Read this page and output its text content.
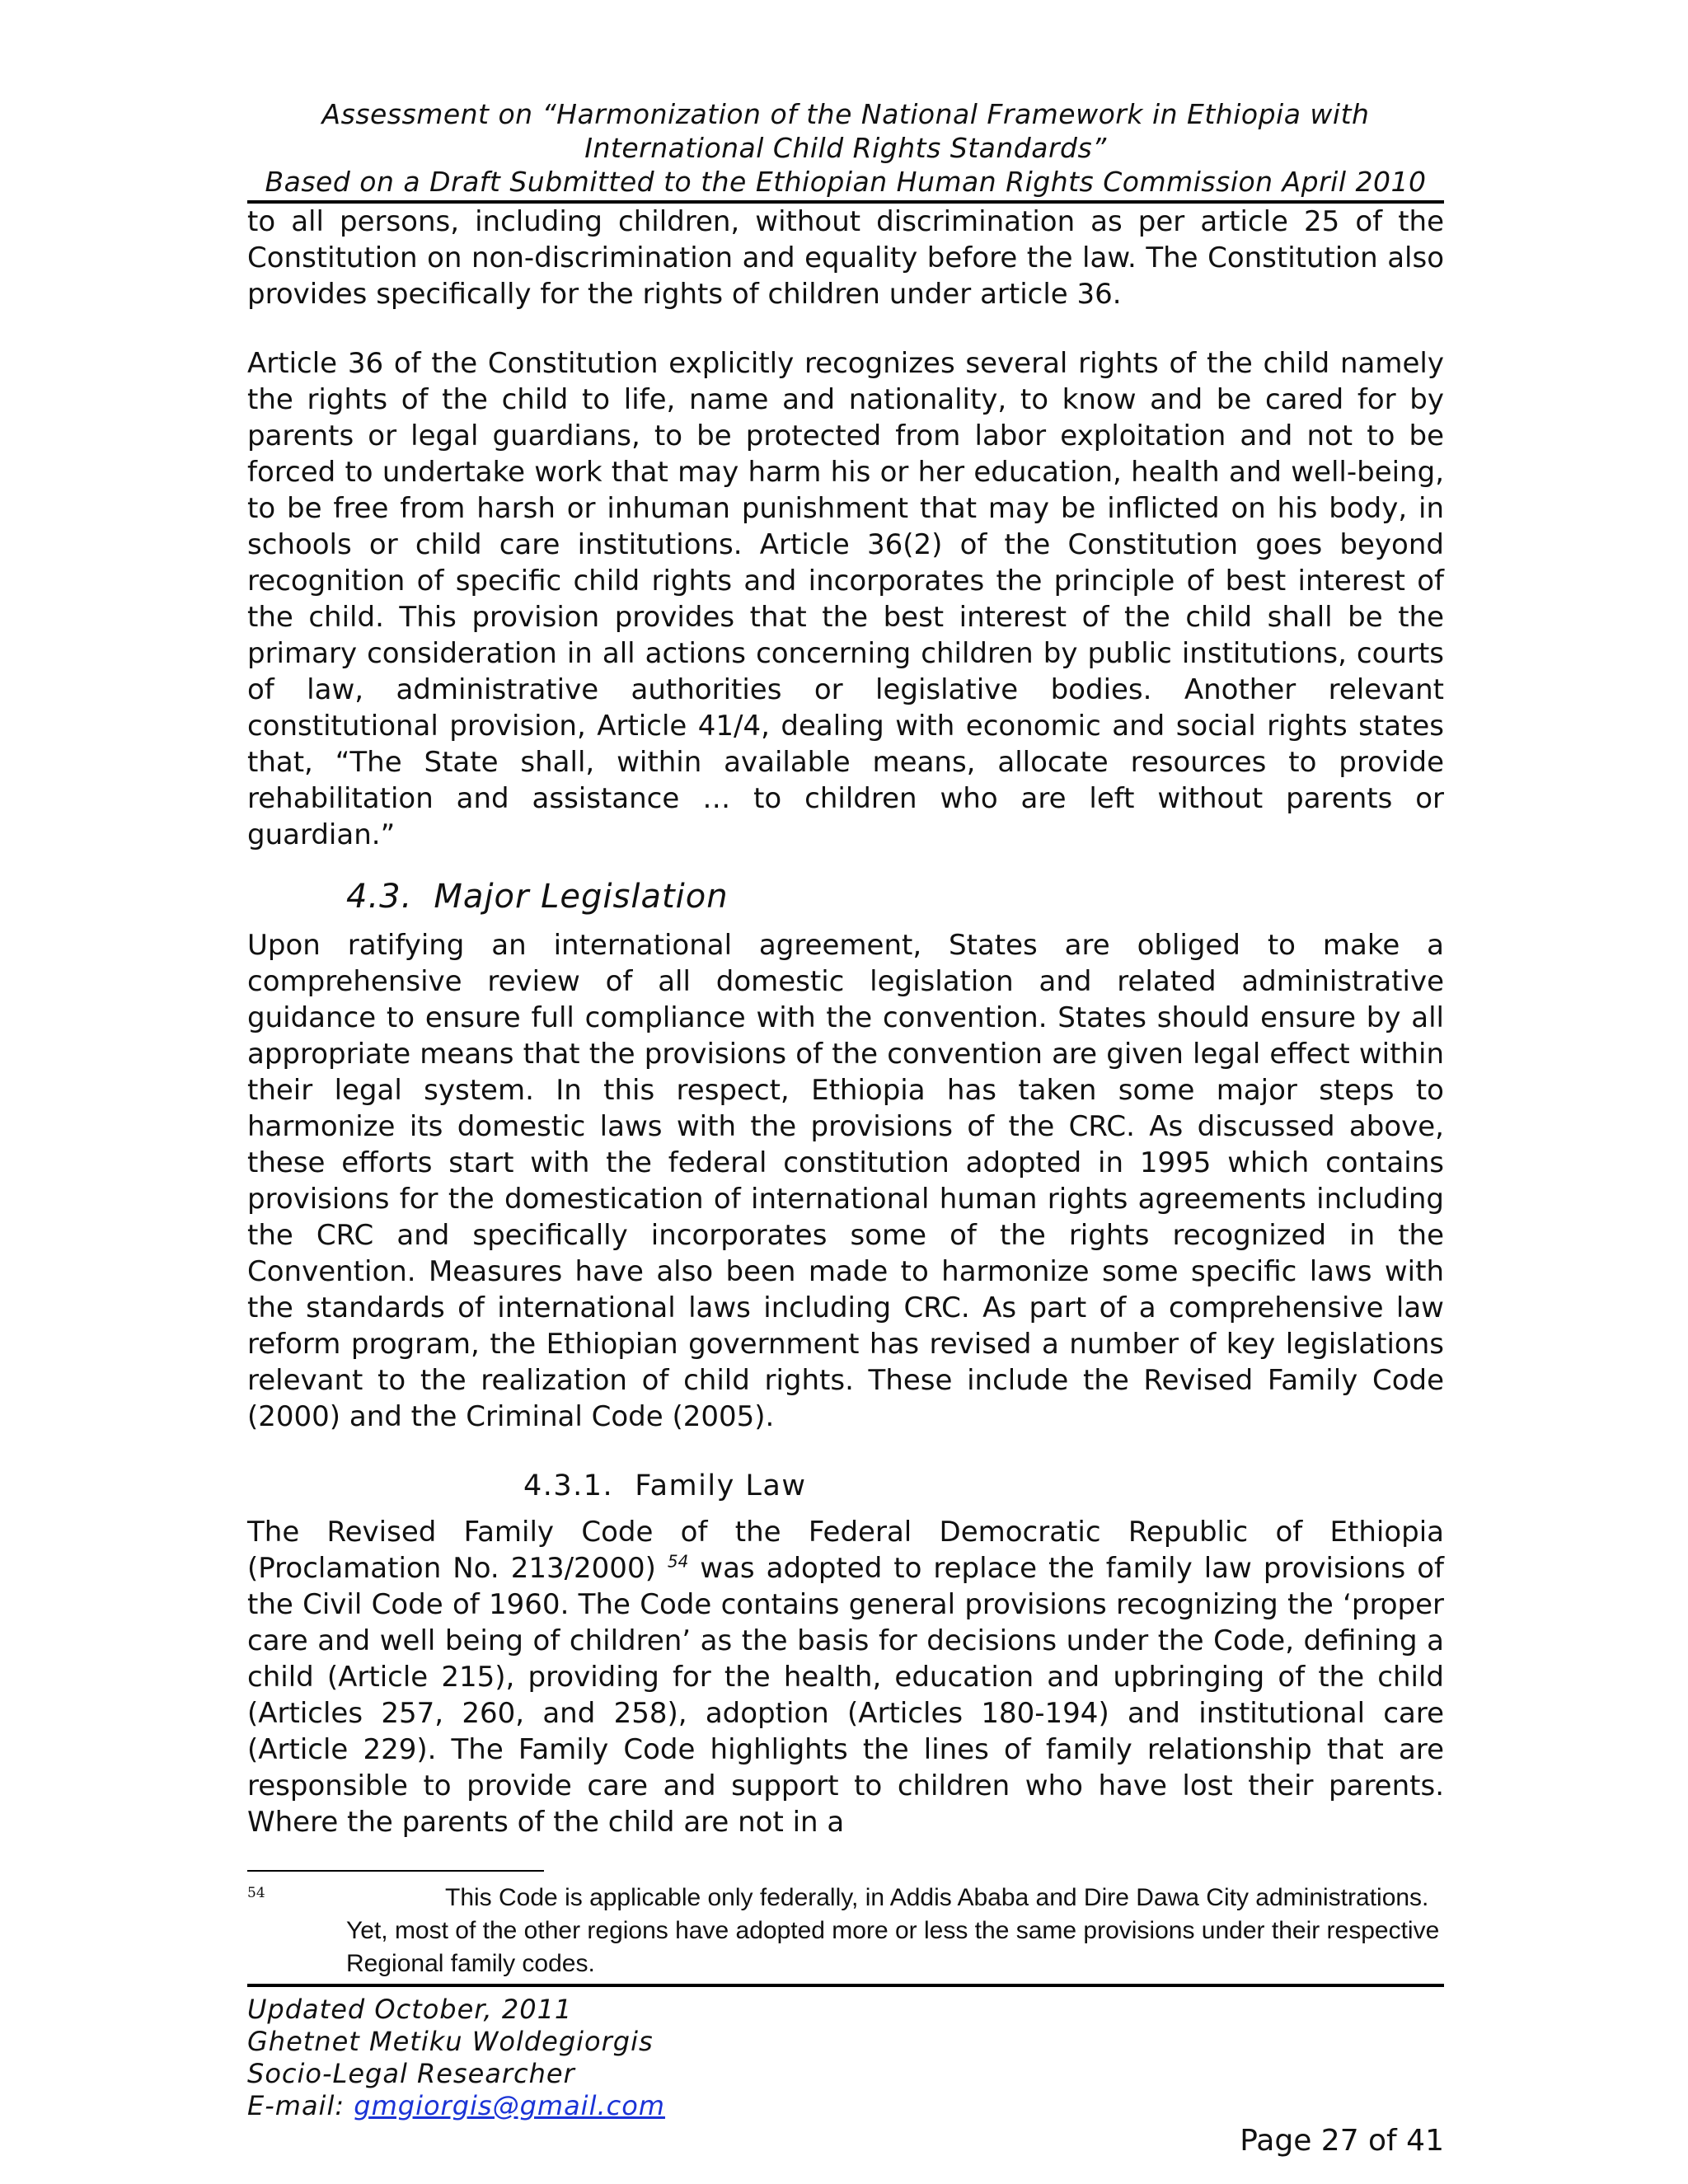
Assessment on “Harmonization of the National Framework in Ethiopia with
International Child Rights Standards”
Based on a Draft Submitted to the Ethiopian Human Rights Commission April 2010

to all persons, including children, without discrimination as per article 25 of the Constitution on non-discrimination and equality before the law. The Constitution also provides specifically for the rights of children under article 36.

Article 36 of the Constitution explicitly recognizes several rights of the child namely the rights of the child to life, name and nationality, to know and be cared for by parents or legal guardians, to be protected from labor exploitation and not to be forced to undertake work that may harm his or her education, health and well-being, to be free from harsh or inhuman punishment that may be inflicted on his body, in schools or child care institutions. Article 36(2) of the Constitution goes beyond recognition of specific child rights and incorporates the principle of best interest of the child. This provision provides that the best interest of the child shall be the primary consideration in all actions concerning children by public institutions, courts of law, administrative authorities or legislative bodies. Another relevant constitutional provision, Article 41/4, dealing with economic and social rights states that, “The State shall, within available means, allocate resources to provide rehabilitation and assistance … to children who are left without parents or guardian.”

4.3. Major Legislation

Upon ratifying an international agreement, States are obliged to make a comprehensive review of all domestic legislation and related administrative guidance to ensure full compliance with the convention. States should ensure by all appropriate means that the provisions of the convention are given legal effect within their legal system. In this respect, Ethiopia has taken some major steps to harmonize its domestic laws with the provisions of the CRC. As discussed above, these efforts start with the federal constitution adopted in 1995 which contains provisions for the domestication of international human rights agreements including the CRC and specifically incorporates some of the rights recognized in the Convention. Measures have also been made to harmonize some specific laws with the standards of international laws including CRC. As part of a comprehensive law reform program, the Ethiopian government has revised a number of key legislations relevant to the realization of child rights. These include the Revised Family Code (2000) and the Criminal Code (2005).

4.3.1. Family Law

The Revised Family Code of the Federal Democratic Republic of Ethiopia (Proclamation No. 213/2000) $^{54}$ was adopted to replace the family law provisions of the Civil Code of 1960. The Code contains general provisions recognizing the ‘proper care and well being of children’ as the basis for decisions under the Code, defining a child (Article 215), providing for the health, education and upbringing of the child (Articles 257, 260, and 258), adoption (Articles 180-194) and institutional care (Article 229). The Family Code highlights the lines of family relationship that are responsible to provide care and support to children who have lost their parents. Where the parents of the child are not in a

54	This Code is applicable only federally, in Addis Ababa and Dire Dawa City administrations. Yet, most of the other regions have adopted more or less the same provisions under their respective Regional family codes.
Updated October, 2011
Ghetnet Metiku Woldegiorgis
Socio-Legal Researcher
E-mail: gmgiorgis@gmail.com
Page 27 of 41
